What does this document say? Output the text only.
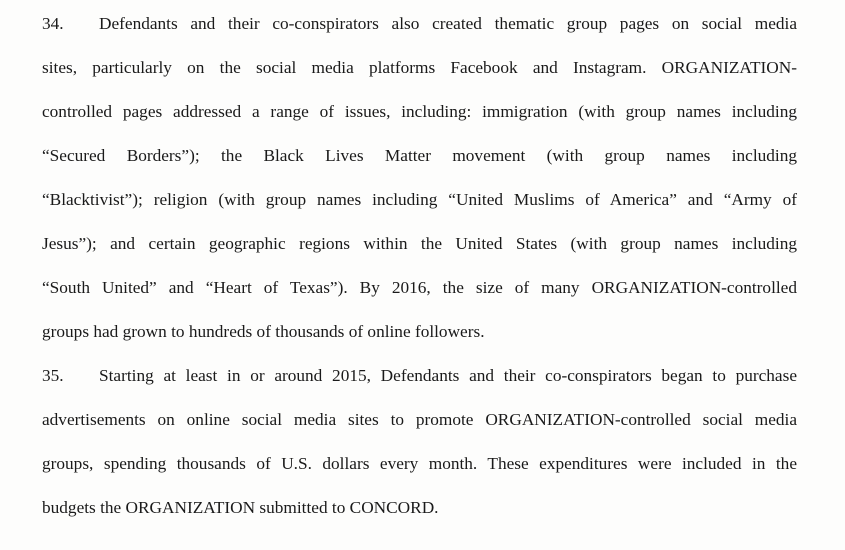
34. Defendants and their co-conspirators also created thematic group pages on social media
sites, particularly on the social media platforms Facebook and Instagram. ORGANIZATION-
controlled pages addressed a range of issues, including: immigration (with group names including
“Secured Borders”); the Black Lives Matter movement (with group names including
“Blacktivist”); religion (with group names including “United Muslims of America” and “Army of
Jesus”); and certain geographic regions within the United States (with group names including
“South United” and “Heart of Texas”). By 2016, the size of many ORGANIZATION-controlled
groups had grown to hundreds of thousands of online followers.
35. Starting at least in or around 2015, Defendants and their co-conspirators began to purchase
advertisements on online social media sites to promote ORGANIZATION-controlled social media
groups, spending thousands of U.S. dollars every month. These expenditures were included in the
budgets the ORGANIZATION submitted to CONCORD.
